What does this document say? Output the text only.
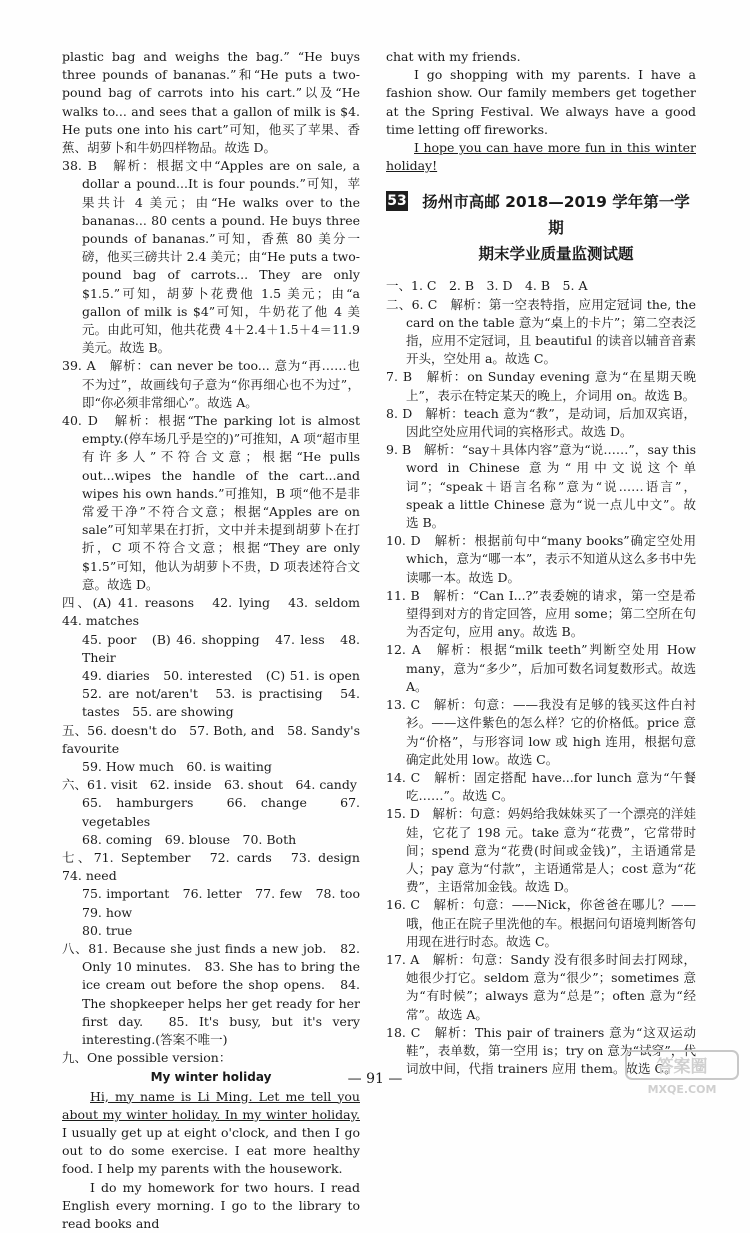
plastic bag and weighs the bag.” “He buys three pounds of bananas.”和“He puts a two-pound bag of carrots into his cart.”以及“He walks to... and sees that a gallon of milk is $4. He puts one into his cart”可知，他买了苹果、香蕉、胡萝卜和牛奶四样物品。故选 D。

38. B　解析：根据文中“Apples are on sale, a dollar a pound...It is four pounds.”可知，苹果共计 4 美元；由“He walks over to the bananas... 80 cents a pound. He buys three pounds of bananas.”可知，香蕉 80 美分一磅，他买三磅共计 2.4 美元；由“He puts a two-pound bag of carrots... They are only $1.5.”可知，胡萝卜花费他 1.5 美元；由“a gallon of milk is $4”可知，牛奶花了他 4 美元。由此可知，他共花费 4＋2.4＋1.5＋4＝11.9 美元。故选 B。

39. A　解析：can never be too... 意为“再……也不为过”，故画线句子意为“你再细心也不为过”，即“你必须非常细心”。故选 A。

40. D　解析：根据“The parking lot is almost empty.(停车场几乎是空的)”可推知，A 项“超市里有许多人”不符合文意；根据“He pulls out...wipes the handle of the cart...and wipes his own hands.”可推知，B 项“他不是非常爱干净”不符合文意；根据“Apples are on sale”可知苹果在打折，文中并未提到胡萝卜在打折，C 项不符合文意；根据“They are only $1.5”可知，他认为胡萝卜不贵，D 项表述符合文意。故选 D。

四、(A) 41. reasons　42. lying　43. seldom　44. matches

45. poor　(B) 46. shopping　47. less　48. Their

49. diaries　50. interested　(C) 51. is open　52. are not/aren't　53. is practising　54. tastes　55. are showing

五、56. doesn't do　57. Both, and　58. Sandy's favourite

59. How much　60. is waiting

六、61. visit　62. inside　63. shout　64. candy

65. hamburgers　66. change　67. vegetables

68. coming　69. blouse　70. Both

七、71. September　72. cards　73. design　74. need

75. important　76. letter　77. few　78. too　79. how

80. true

八、81. Because she just finds a new job.　82. Only 10 minutes.　83. She has to bring the ice cream out before the shop opens.　84. The shopkeeper helps her get ready for her first day.　85. It's busy, but it's very interesting.(答案不唯一)

九、One possible version：

My winter holiday

Hi, my name is Li Ming. Let me tell you about my winter holiday. In my winter holiday. I usually get up at eight o'clock, and then I go out to do some exercise. I eat more healthy food. I help my parents with the housework.

I do my homework for two hours. I read English every morning. I go to the library to read books and

chat with my friends.

I go shopping with my parents. I have a fashion show. Our family members get together at the Spring Festival. We always have a good time letting off fireworks.

I hope you can have more fun in this winter holiday!

53 扬州市高邮 2018—2019 学年第一学期
期末学业质量监测试题

一、1. C　2. B　3. D　4. B　5. A

二、6. C　解析：第一空表特指，应用定冠词 the, the card on the table 意为“桌上的卡片”；第二空表泛指，应用不定冠词，且 beautiful 的读音以辅音音素开头，空处用 a。故选 C。

7. B　解析：on Sunday evening 意为“在星期天晚上”，表示在特定某天的晚上，介词用 on。故选 B。

8. D　解析：teach 意为“教”，是动词，后加双宾语，因此空处应用代词的宾格形式。故选 D。

9. B　解析：“say＋具体内容”意为“说……”，say this word in Chinese 意为“用中文说这个单词”；“speak＋语言名称”意为“说……语言”，speak a little Chinese 意为“说一点儿中文”。故选 B。

10. D　解析：根据前句中“many books”确定空处用 which，意为“哪一本”，表示不知道从这么多书中先读哪一本。故选 D。

11. B　解析：“Can I...?”表委婉的请求，第一空是希望得到对方的肯定回答，应用 some；第二空所在句为否定句，应用 any。故选 B。

12. A　解析：根据“milk teeth”判断空处用 How many，意为“多少”，后加可数名词复数形式。故选 A。

13. C　解析：句意：——我没有足够的钱买这件白衬衫。——这件紫色的怎么样？它的价格低。price 意为“价格”，与形容词 low 或 high 连用，根据句意确定此处用 low。故选 C。

14. C　解析：固定搭配 have...for lunch 意为“午餐吃……”。故选 C。

15. D　解析：句意：妈妈给我妹妹买了一个漂亮的洋娃娃，它花了 198 元。take 意为“花费”，它常带时间；spend 意为“花费(时间或金钱)”，主语通常是人；pay 意为“付款”，主语通常是人；cost 意为“花费”，主语常加金钱。故选 D。

16. C　解析：句意：——Nick，你爸爸在哪儿？——哦，他正在院子里洗他的车。根据问句语境判断答句用现在进行时态。故选 C。

17. A　解析：句意：Sandy 没有很多时间去打网球，她很少打它。seldom 意为“很少”；sometimes 意为“有时候”；always 意为“总是”；often 意为“经常”。故选 A。

18. C　解析：This pair of trainers 意为“这双运动鞋”，表单数，第一空用 is；try on 意为“试穿”，代词放中间，代指 trainers 应用 them。故选 C。

— 91 —
答案圈
MXQE.COM
